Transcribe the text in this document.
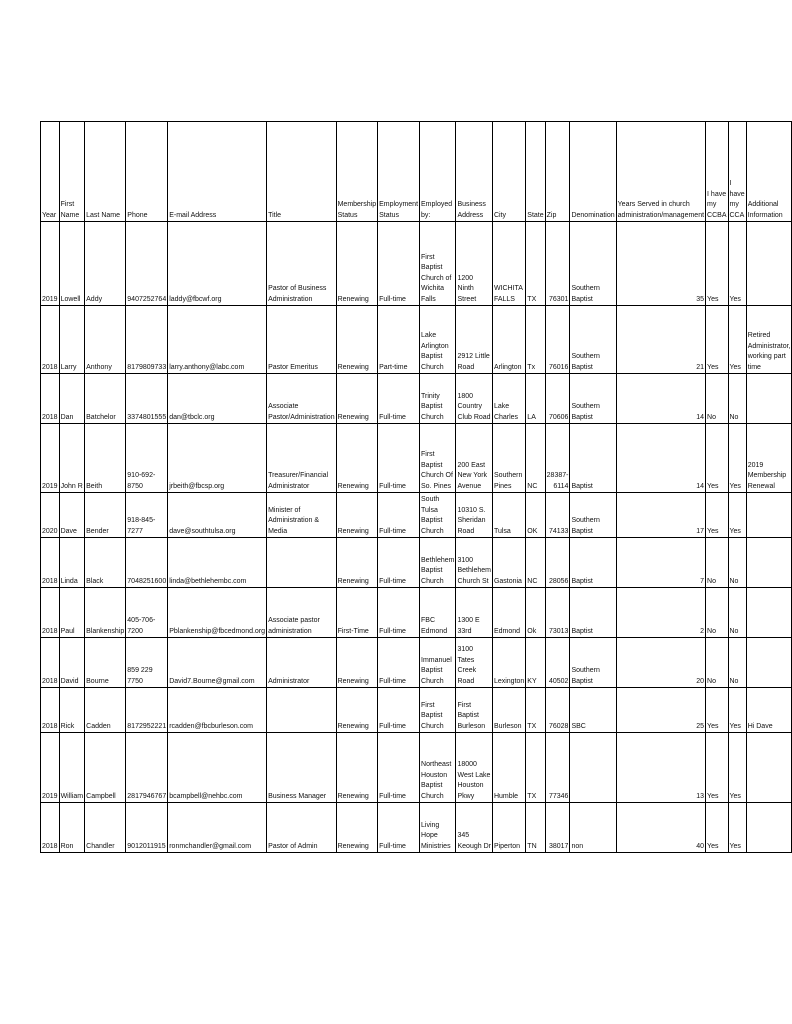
Year	First Name	Last Name	Phone	E-mail Address	Title	Membership Status	Employment Status	Employed by:	Business Address	City	State	Zip	Denomination	Years Served in church administration/management	I have my CCBA	I have my CCA	Additional Information
2019	Lowell	Addy	9407252764	laddy@fbcwf.org	Pastor of Business Administration	Renewing	Full-time	First Baptist Church of Wichita Falls	1200 Ninth Street	WICHITA FALLS	TX	76301	Southern Baptist	35	Yes	Yes	
2018	Larry	Anthony	8179809733	larry.anthony@labc.com	Pastor Emeritus	Renewing	Part-time	Lake Arlington Baptist Church	2912 Little Road	Arlington	Tx	76016	Southern Baptist	21	Yes	Yes	Retired Administrator, working part time
2018	Dan	Batchelor	3374801555	dan@tbclc.org	Associate Pastor/Administration	Renewing	Full-time	Trinity Baptist Church	1800 Country Club Road	Lake Charles	LA	70606	Southern Baptist	14	No	No	
2019	John R	Beith	910-692-8750	jrbeith@fbcsp.org	Treasurer/Financial Administrator	Renewing	Full-time	First Baptist Church Of So. Pines	200 East New York Avenue	Southern Pines	NC	28387-6114	Baptist	14	Yes	Yes	2019 Membership Renewal
2020	Dave	Bender	918-845-7277	dave@southtulsa.org	Minister of Administration & Media	Renewing	Full-time	South Tulsa Baptist Church	10310 S. Sheridan Road	Tulsa	OK	74133	Southern Baptist	17	Yes	Yes	
2018	Linda	Black	7048251600	linda@bethlehembc.com		Renewing	Full-time	Bethlehem Baptist Church	3100 Bethlehem Church St	Gastonia	NC	28056	Baptist	7	No	No	
2018	Paul	Blankenship	405-706-7200	Pblankenship@fbcedmond.org	Associate pastor administration	First-Time	Full-time	FBC Edmond	1300 E 33rd	Edmond	Ok	73013	Baptist	2	No	No	
2018	David	Bourne	859 229 7750	David7.Bourne@gmail.com	Administrator	Renewing	Full-time	Immanuel Baptist Church	3100 Tates Creek Road	Lexington	KY	40502	Southern Baptist	20	No	No	
2018	Rick	Cadden	8172952221	rcadden@fbcburleson.com		Renewing	Full-time	First Baptist Church	First Baptist Burleson	Burleson	TX	76028	SBC	25	Yes	Yes	Hi Dave
2019	William	Campbell	2817946767	bcampbell@nehbc.com	Business Manager	Renewing	Full-time	Northeast Houston Baptist Church	18000 West Lake Houston Pkwy	Humble	TX	77346		13	Yes	Yes	
2018	Ron	Chandler	9012011915	ronmchandler@gmail.com	Pastor of Admin	Renewing	Full-time	Living Hope Ministries	345 Keough Dr	Piperton	TN	38017	non	40	Yes	Yes	
